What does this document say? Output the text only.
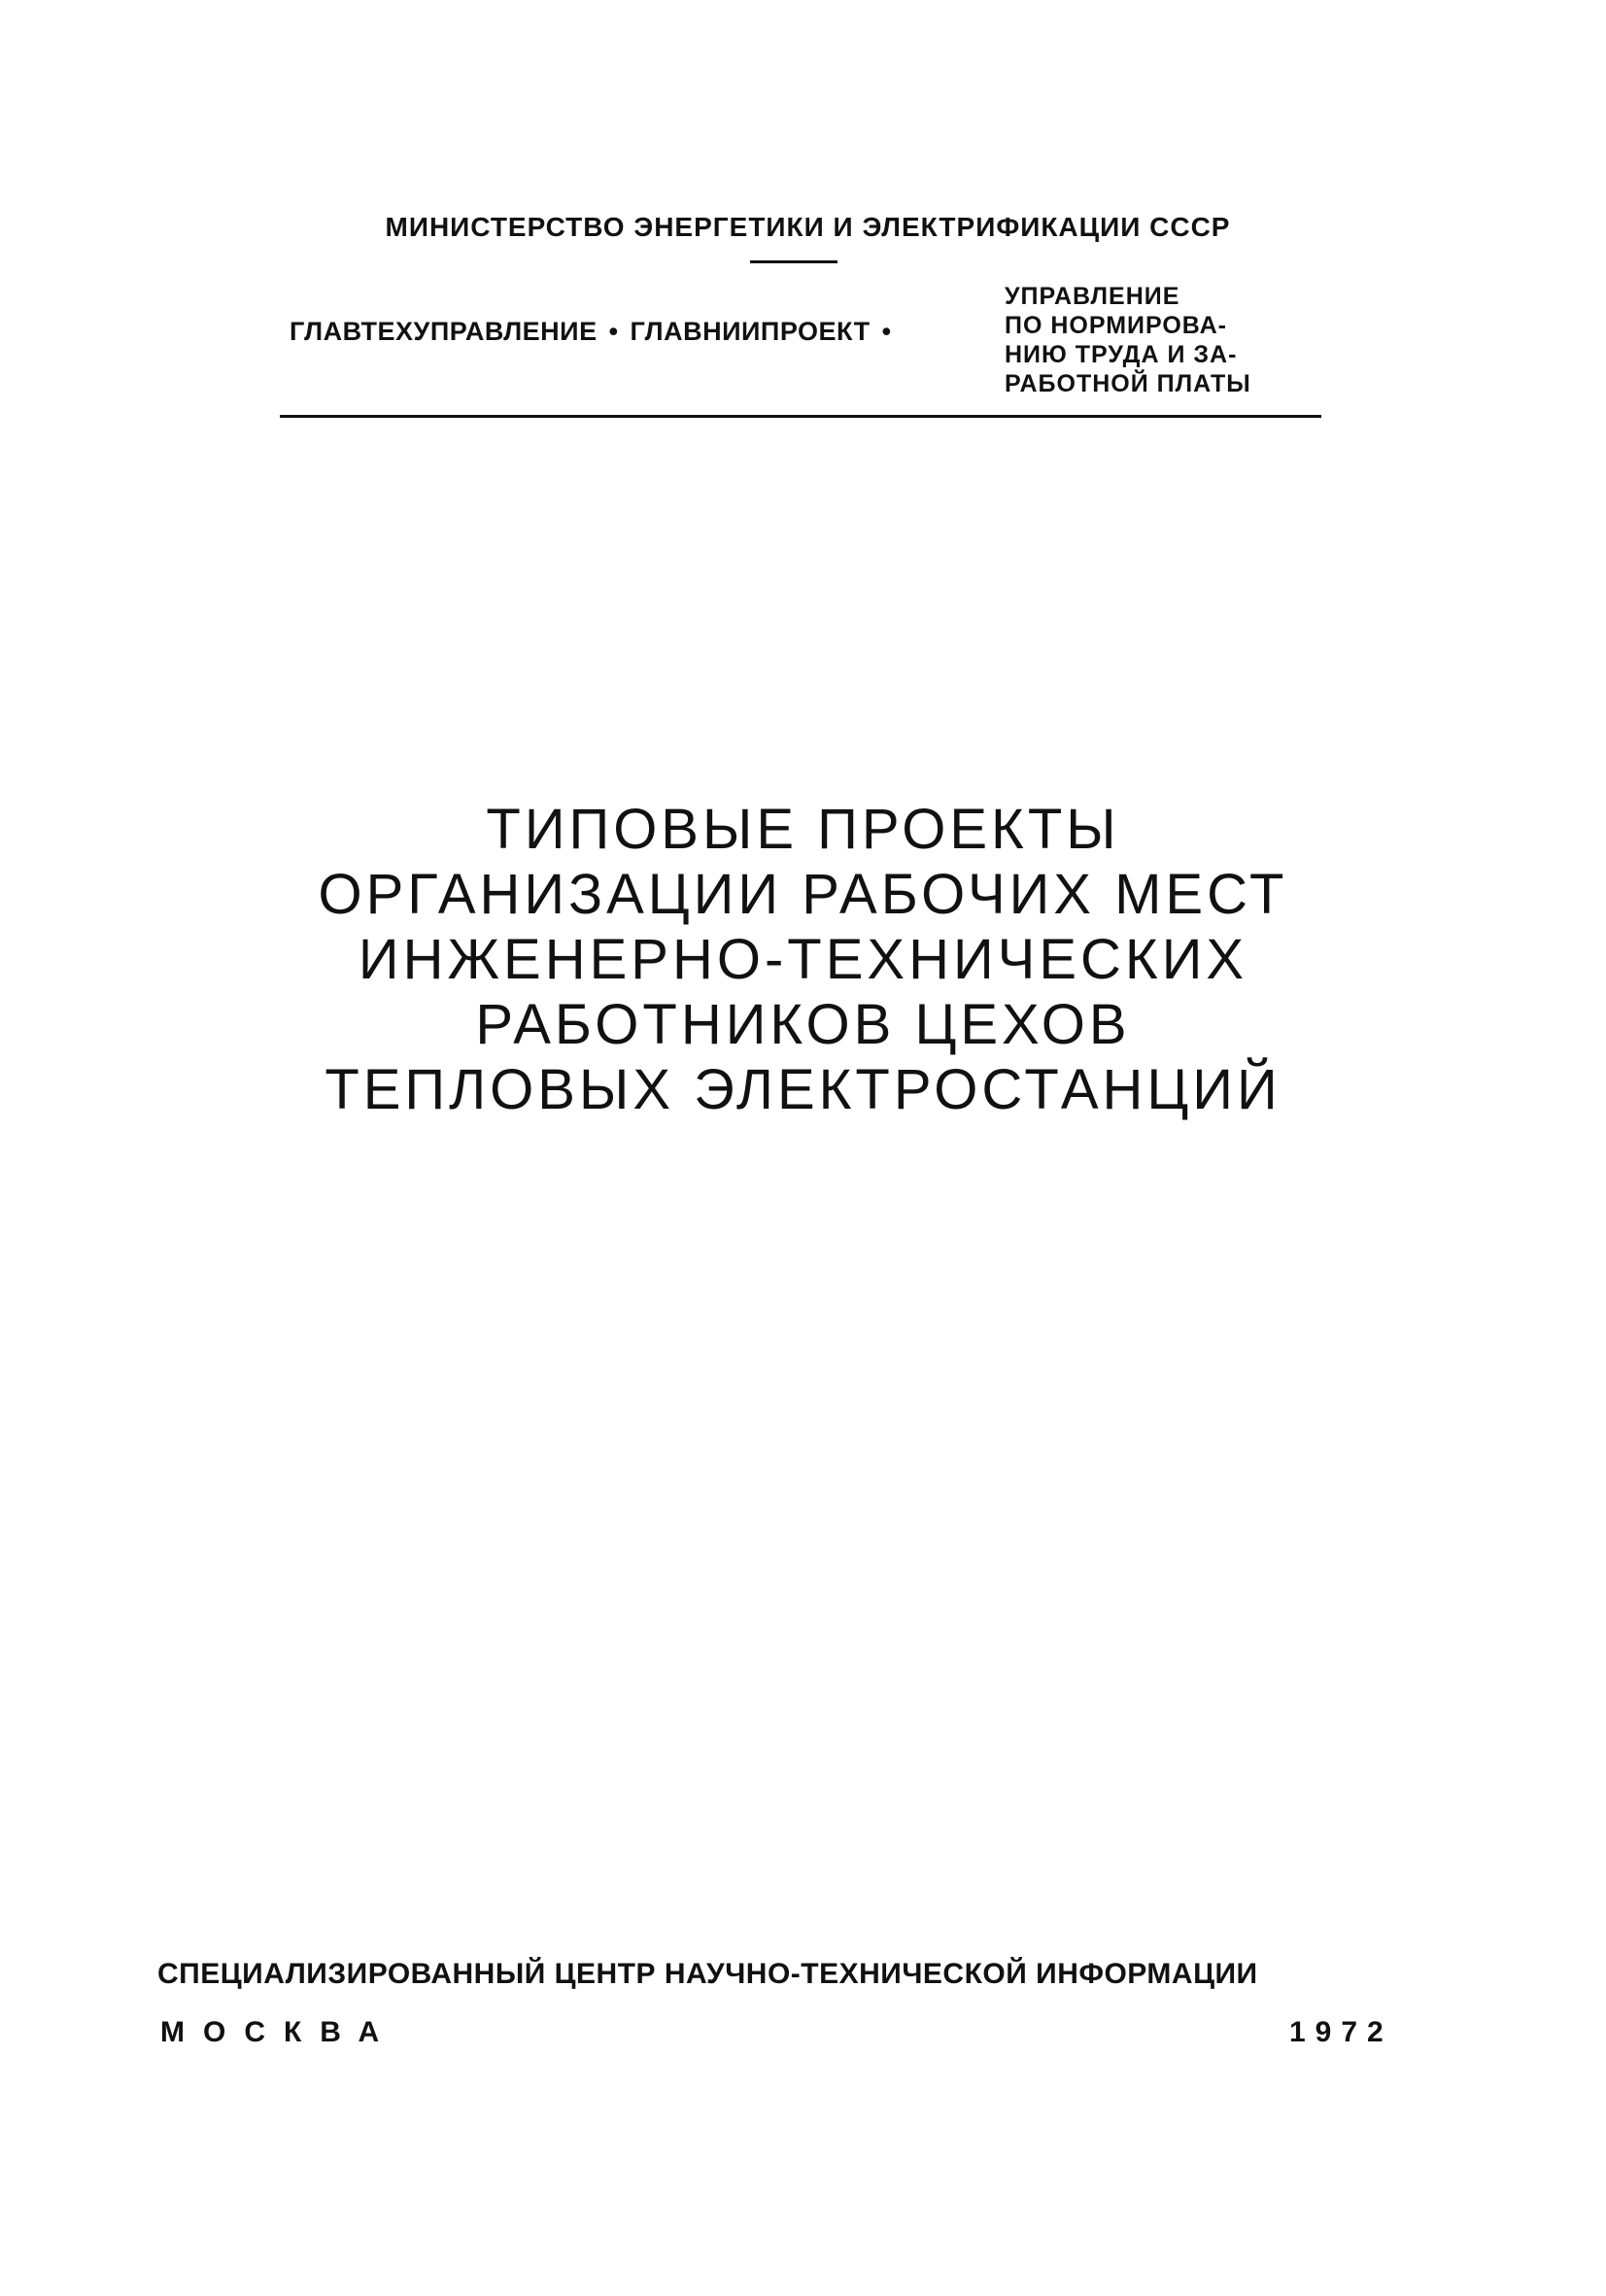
МИНИСТЕРСТВО ЭНЕРГЕТИКИ И ЭЛЕКТРИФИКАЦИИ СССР
ГЛАВТЕХУПРАВЛЕНИЕ • ГЛАВНИИПРОЕКТ •
УПРАВЛЕНИЕ
ПО НОРМИРОВА-
НИЮ ТРУДА И ЗА-
РАБОТНОЙ ПЛАТЫ
ТИПОВЫЕ ПРОЕКТЫ
ОРГАНИЗАЦИИ РАБОЧИХ МЕСТ
ИНЖЕНЕРНО-ТЕХНИЧЕСКИХ
РАБОТНИКОВ ЦЕХОВ
ТЕПЛОВЫХ ЭЛЕКТРОСТАНЦИЙ
СПЕЦИАЛИЗИРОВАННЫЙ ЦЕНТР НАУЧНО-ТЕХНИЧЕСКОЙ ИНФОРМАЦИИ
МОСКВА	1972
